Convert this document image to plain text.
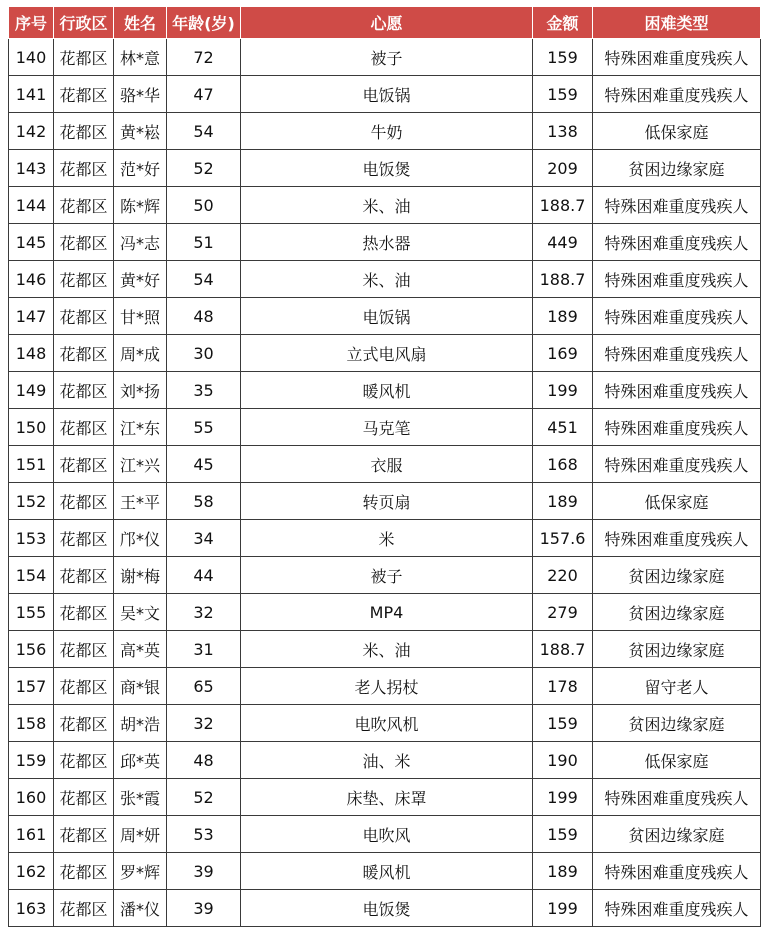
序号	行政区	姓名	年龄(岁)	心愿	金额	困难类型
140	花都区	林*意	72	被子	159	特殊困难重度残疾人
141	花都区	骆*华	47	电饭锅	159	特殊困难重度残疾人
142	花都区	黄*崧	54	牛奶	138	低保家庭
143	花都区	范*好	52	电饭煲	209	贫困边缘家庭
144	花都区	陈*辉	50	米、油	188.7	特殊困难重度残疾人
145	花都区	冯*志	51	热水器	449	特殊困难重度残疾人
146	花都区	黄*好	54	米、油	188.7	特殊困难重度残疾人
147	花都区	甘*照	48	电饭锅	189	特殊困难重度残疾人
148	花都区	周*成	30	立式电风扇	169	特殊困难重度残疾人
149	花都区	刘*扬	35	暖风机	199	特殊困难重度残疾人
150	花都区	江*东	55	马克笔	451	特殊困难重度残疾人
151	花都区	江*兴	45	衣服	168	特殊困难重度残疾人
152	花都区	王*平	58	转页扇	189	低保家庭
153	花都区	邝*仪	34	米	157.6	特殊困难重度残疾人
154	花都区	谢*梅	44	被子	220	贫困边缘家庭
155	花都区	吴*文	32	MP4	279	贫困边缘家庭
156	花都区	高*英	31	米、油	188.7	贫困边缘家庭
157	花都区	商*银	65	老人拐杖	178	留守老人
158	花都区	胡*浩	32	电吹风机	159	贫困边缘家庭
159	花都区	邱*英	48	油、米	190	低保家庭
160	花都区	张*霞	52	床垫、床罩	199	特殊困难重度残疾人
161	花都区	周*妍	53	电吹风	159	贫困边缘家庭
162	花都区	罗*辉	39	暖风机	189	特殊困难重度残疾人
163	花都区	潘*仪	39	电饭煲	199	特殊困难重度残疾人
